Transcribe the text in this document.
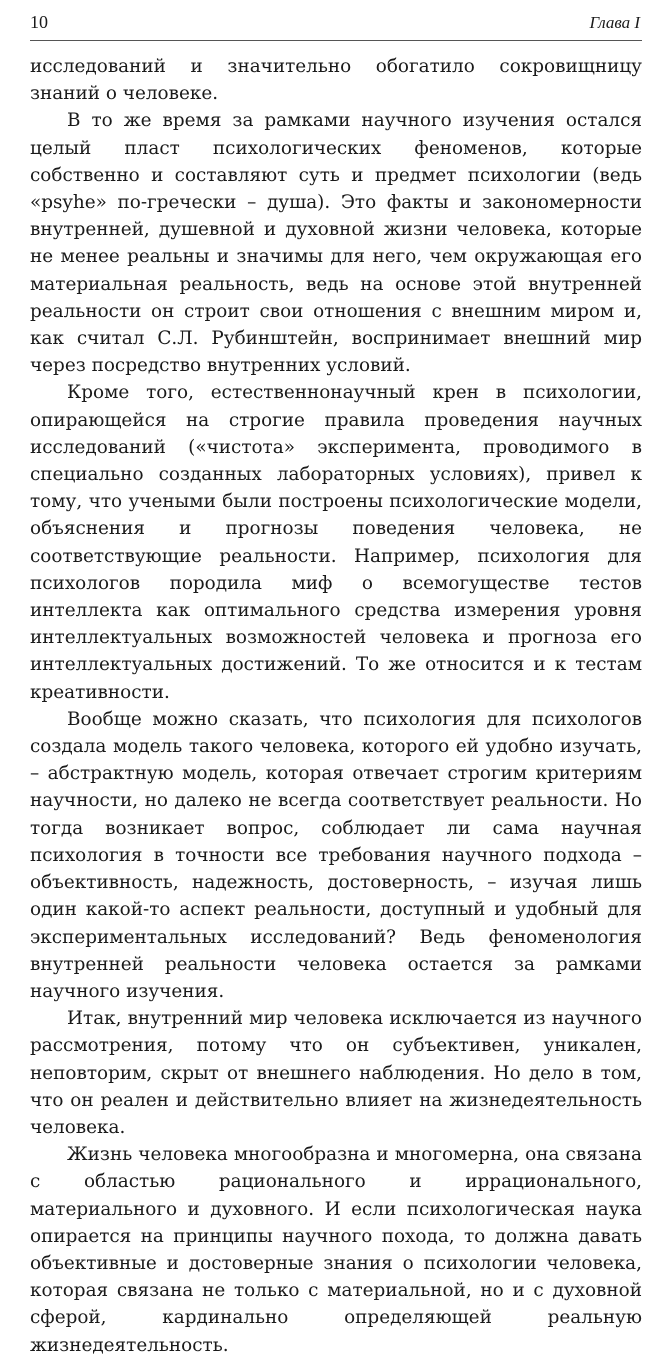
10	Глава I

исследований и значительно обогатило сокровищницу знаний о человеке.

В то же время за рамками научного изучения остался целый пласт психологических феноменов, которые собственно и составляют суть и предмет психологии (ведь «psyhe» по-гречески – душа). Это факты и закономерности внутренней, душевной и духовной жизни человека, которые не менее реальны и значимы для него, чем окружающая его материальная реальность, ведь на основе этой внутренней реальности он строит свои отношения с внешним миром и, как считал С.Л. Рубинштейн, воспринимает внешний мир через посредство внутренних условий.

Кроме того, естественнонаучный крен в психологии, опирающейся на строгие правила проведения научных исследований («чистота» эксперимента, проводимого в специально созданных лабораторных условиях), привел к тому, что учеными были построены психологические модели, объяснения и прогнозы поведения человека, не соответствующие реальности. Например, психология для психологов породила миф о всемогуществе тестов интеллекта как оптимального средства измерения уровня интеллектуальных возможностей человека и прогноза его интеллектуальных достижений. То же относится и к тестам креативности.

Вообще можно сказать, что психология для психологов создала модель такого человека, которого ей удобно изучать, – абстрактную модель, которая отвечает строгим критериям научности, но далеко не всегда соответствует реальности. Но тогда возникает вопрос, соблюдает ли сама научная психология в точности все требования научного подхода – объективность, надежность, достоверность, – изучая лишь один какой-то аспект реальности, доступный и удобный для экспериментальных исследований? Ведь феноменология внутренней реальности человека остается за рамками научного изучения.

Итак, внутренний мир человека исключается из научного рассмотрения, потому что он субъективен, уникален, неповторим, скрыт от внешнего наблюдения. Но дело в том, что он реален и действительно влияет на жизнедеятельность человека.

Жизнь человека многообразна и многомерна, она связана с областью рационального и иррационального, материального и духовного. И если психологическая наука опирается на принципы научного похода, то должна давать объективные и достоверные знания о психологии человека, которая связана не только с материальной, но и с духовной сферой, кардинально определяющей реальную жизнедеятельность.
